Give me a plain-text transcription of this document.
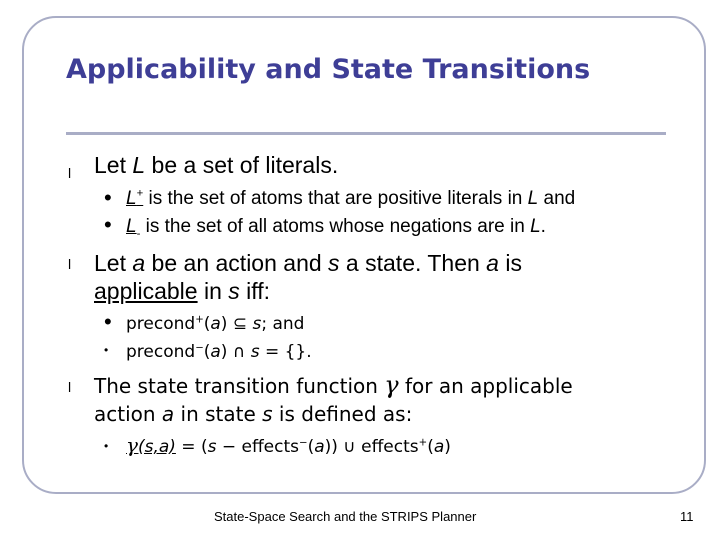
Applicability and State Transitions
l Let L be a set of literals.
• L+ is the set of atoms that are positive literals in L and
• $L_-$ is the set of all atoms whose negations are in L.
l Let a be an action and s a state. Then a is
applicable in s iff:
• precond+(a) ⊆ s; and
• precond−(a) ∩ s = {}.
l The state transition function γ for an applicable
action a in state s is defined as:
• γ(s,a) = (s − effects−(a)) ∪ effects+(a)
State-Space Search and the STRIPS Planner	11
